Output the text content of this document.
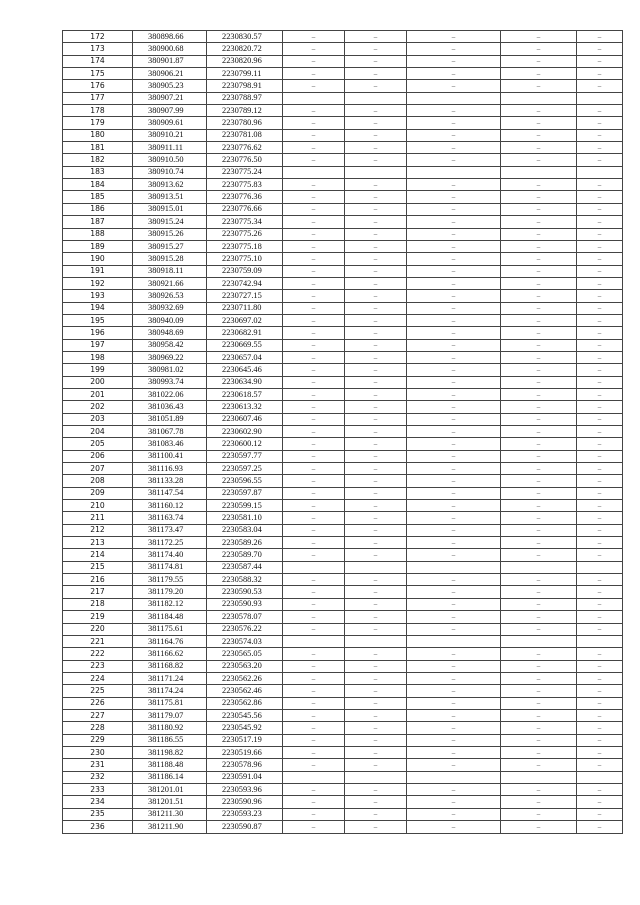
172	380898.66	2230830.57	–	–	–	–	–
173	380900.68	2230820.72	–	–	–	–	–
174	380901.87	2230820.96	–	–	–	–	–
175	380906.21	2230799.11	–	–	–	–	–
176	380905.23	2230798.91	–	–	–	–	–
177	380907.21	2230788.97					
178	380907.99	2230789.12	–	–	–	–	–
179	380909.61	2230780.96	–	–	–	–	–
180	380910.21	2230781.08	–	–	–	–	–
181	380911.11	2230776.62	–	–	–	–	–
182	380910.50	2230776.50	–	–	–	–	–
183	380910.74	2230775.24					
184	380913.62	2230775.83	–	–	–	–	–
185	380913.51	2230776.36	–	–	–	–	–
186	380915.01	2230776.66	–	–	–	–	–
187	380915.24	2230775.34	–	–	–	–	–
188	380915.26	2230775.26	–	–	–	–	–
189	380915.27	2230775.18	–	–	–	–	–
190	380915.28	2230775.10	–	–	–	–	–
191	380918.11	2230759.09	–	–	–	–	–
192	380921.66	2230742.94	–	–	–	–	–
193	380926.53	2230727.15	–	–	–	–	–
194	380932.69	2230711.80	–	–	–	–	–
195	380940.09	2230697.02	–	–	–	–	–
196	380948.69	2230682.91	–	–	–	–	–
197	380958.42	2230669.55	–	–	–	–	–
198	380969.22	2230657.04	–	–	–	–	–
199	380981.02	2230645.46	–	–	–	–	–
200	380993.74	2230634.90	–	–	–	–	–
201	381022.06	2230618.57	–	–	–	–	–
202	381036.43	2230613.32	–	–	–	–	–
203	381051.89	2230607.46	–	–	–	–	–
204	381067.78	2230602.90	–	–	–	–	–
205	381083.46	2230600.12	–	–	–	–	–
206	381100.41	2230597.77	–	–	–	–	–
207	381116.93	2230597.25	–	–	–	–	–
208	381133.28	2230596.55	–	–	–	–	–
209	381147.54	2230597.87	–	–	–	–	–
210	381160.12	2230599.15	–	–	–	–	–
211	381163.74	2230581.10	–	–	–	–	–
212	381173.47	2230583.04	–	–	–	–	–
213	381172.25	2230589.26	–	–	–	–	–
214	381174.40	2230589.70	–	–	–	–	–
215	381174.81	2230587.44					
216	381179.55	2230588.32	–	–	–	–	–
217	381179.20	2230590.53	–	–	–	–	–
218	381182.12	2230590.93	–	–	–	–	–
219	381184.48	2230578.07	–	–	–	–	–
220	381175.61	2230576.22	–	–	–	–	–
221	381164.76	2230574.03					
222	381166.62	2230565.05	–	–	–	–	–
223	381168.82	2230563.20	–	–	–	–	–
224	381171.24	2230562.26	–	–	–	–	–
225	381174.24	2230562.46	–	–	–	–	–
226	381175.81	2230562.86	–	–	–	–	–
227	381179.07	2230545.56	–	–	–	–	–
228	381180.92	2230545.92	–	–	–	–	–
229	381186.55	2230517.19	–	–	–	–	–
230	381198.82	2230519.66	–	–	–	–	–
231	381188.48	2230578.96	–	–	–	–	–
232	381186.14	2230591.04					
233	381201.01	2230593.96	–	–	–	–	–
234	381201.51	2230590.96	–	–	–	–	–
235	381211.30	2230593.23	–	–	–	–	–
236	381211.90	2230590.87	–	–	–	–	–
